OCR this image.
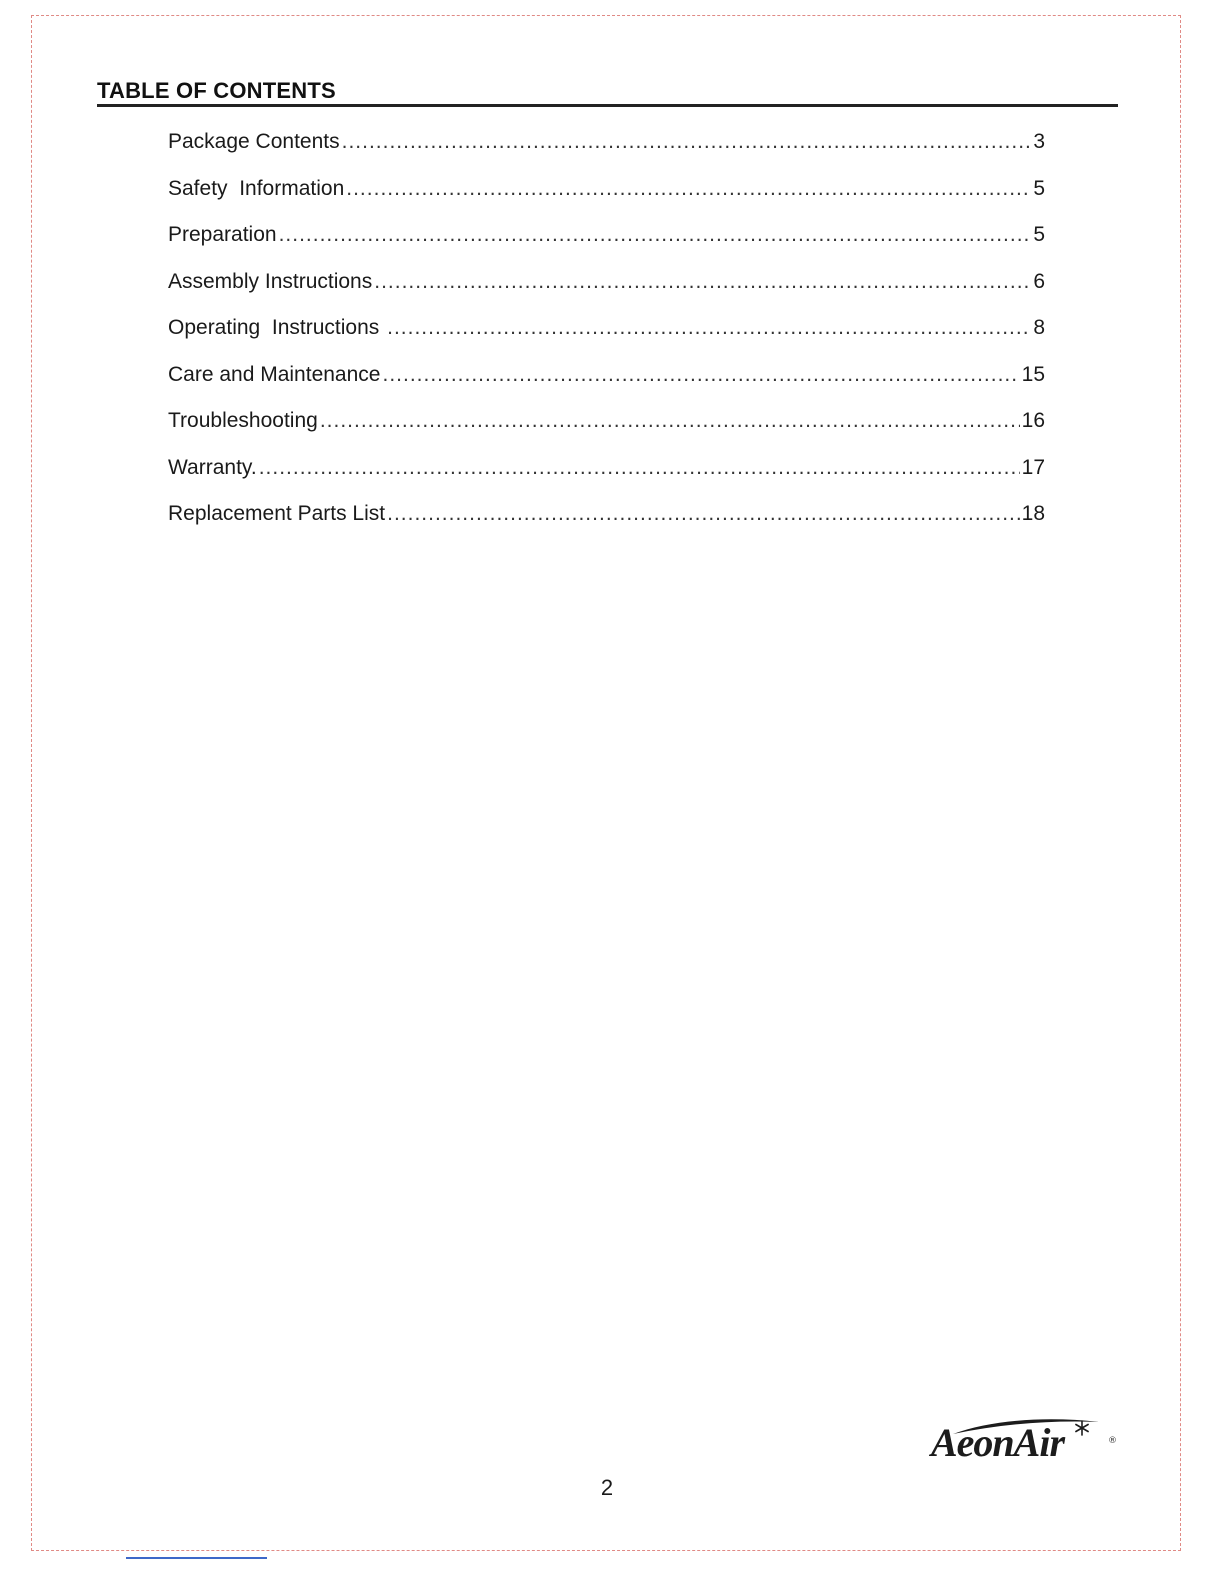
TABLE OF CONTENTS
Package Contents .....	3
Safety  Information .....	5
Preparation .....	5
Assembly Instructions .....	6
Operating  Instructions .....	8
Care and Maintenance .....	15
Troubleshooting .....	16
Warranty. .....	17
Replacement Parts List .....	18
AeonAir	®
2
